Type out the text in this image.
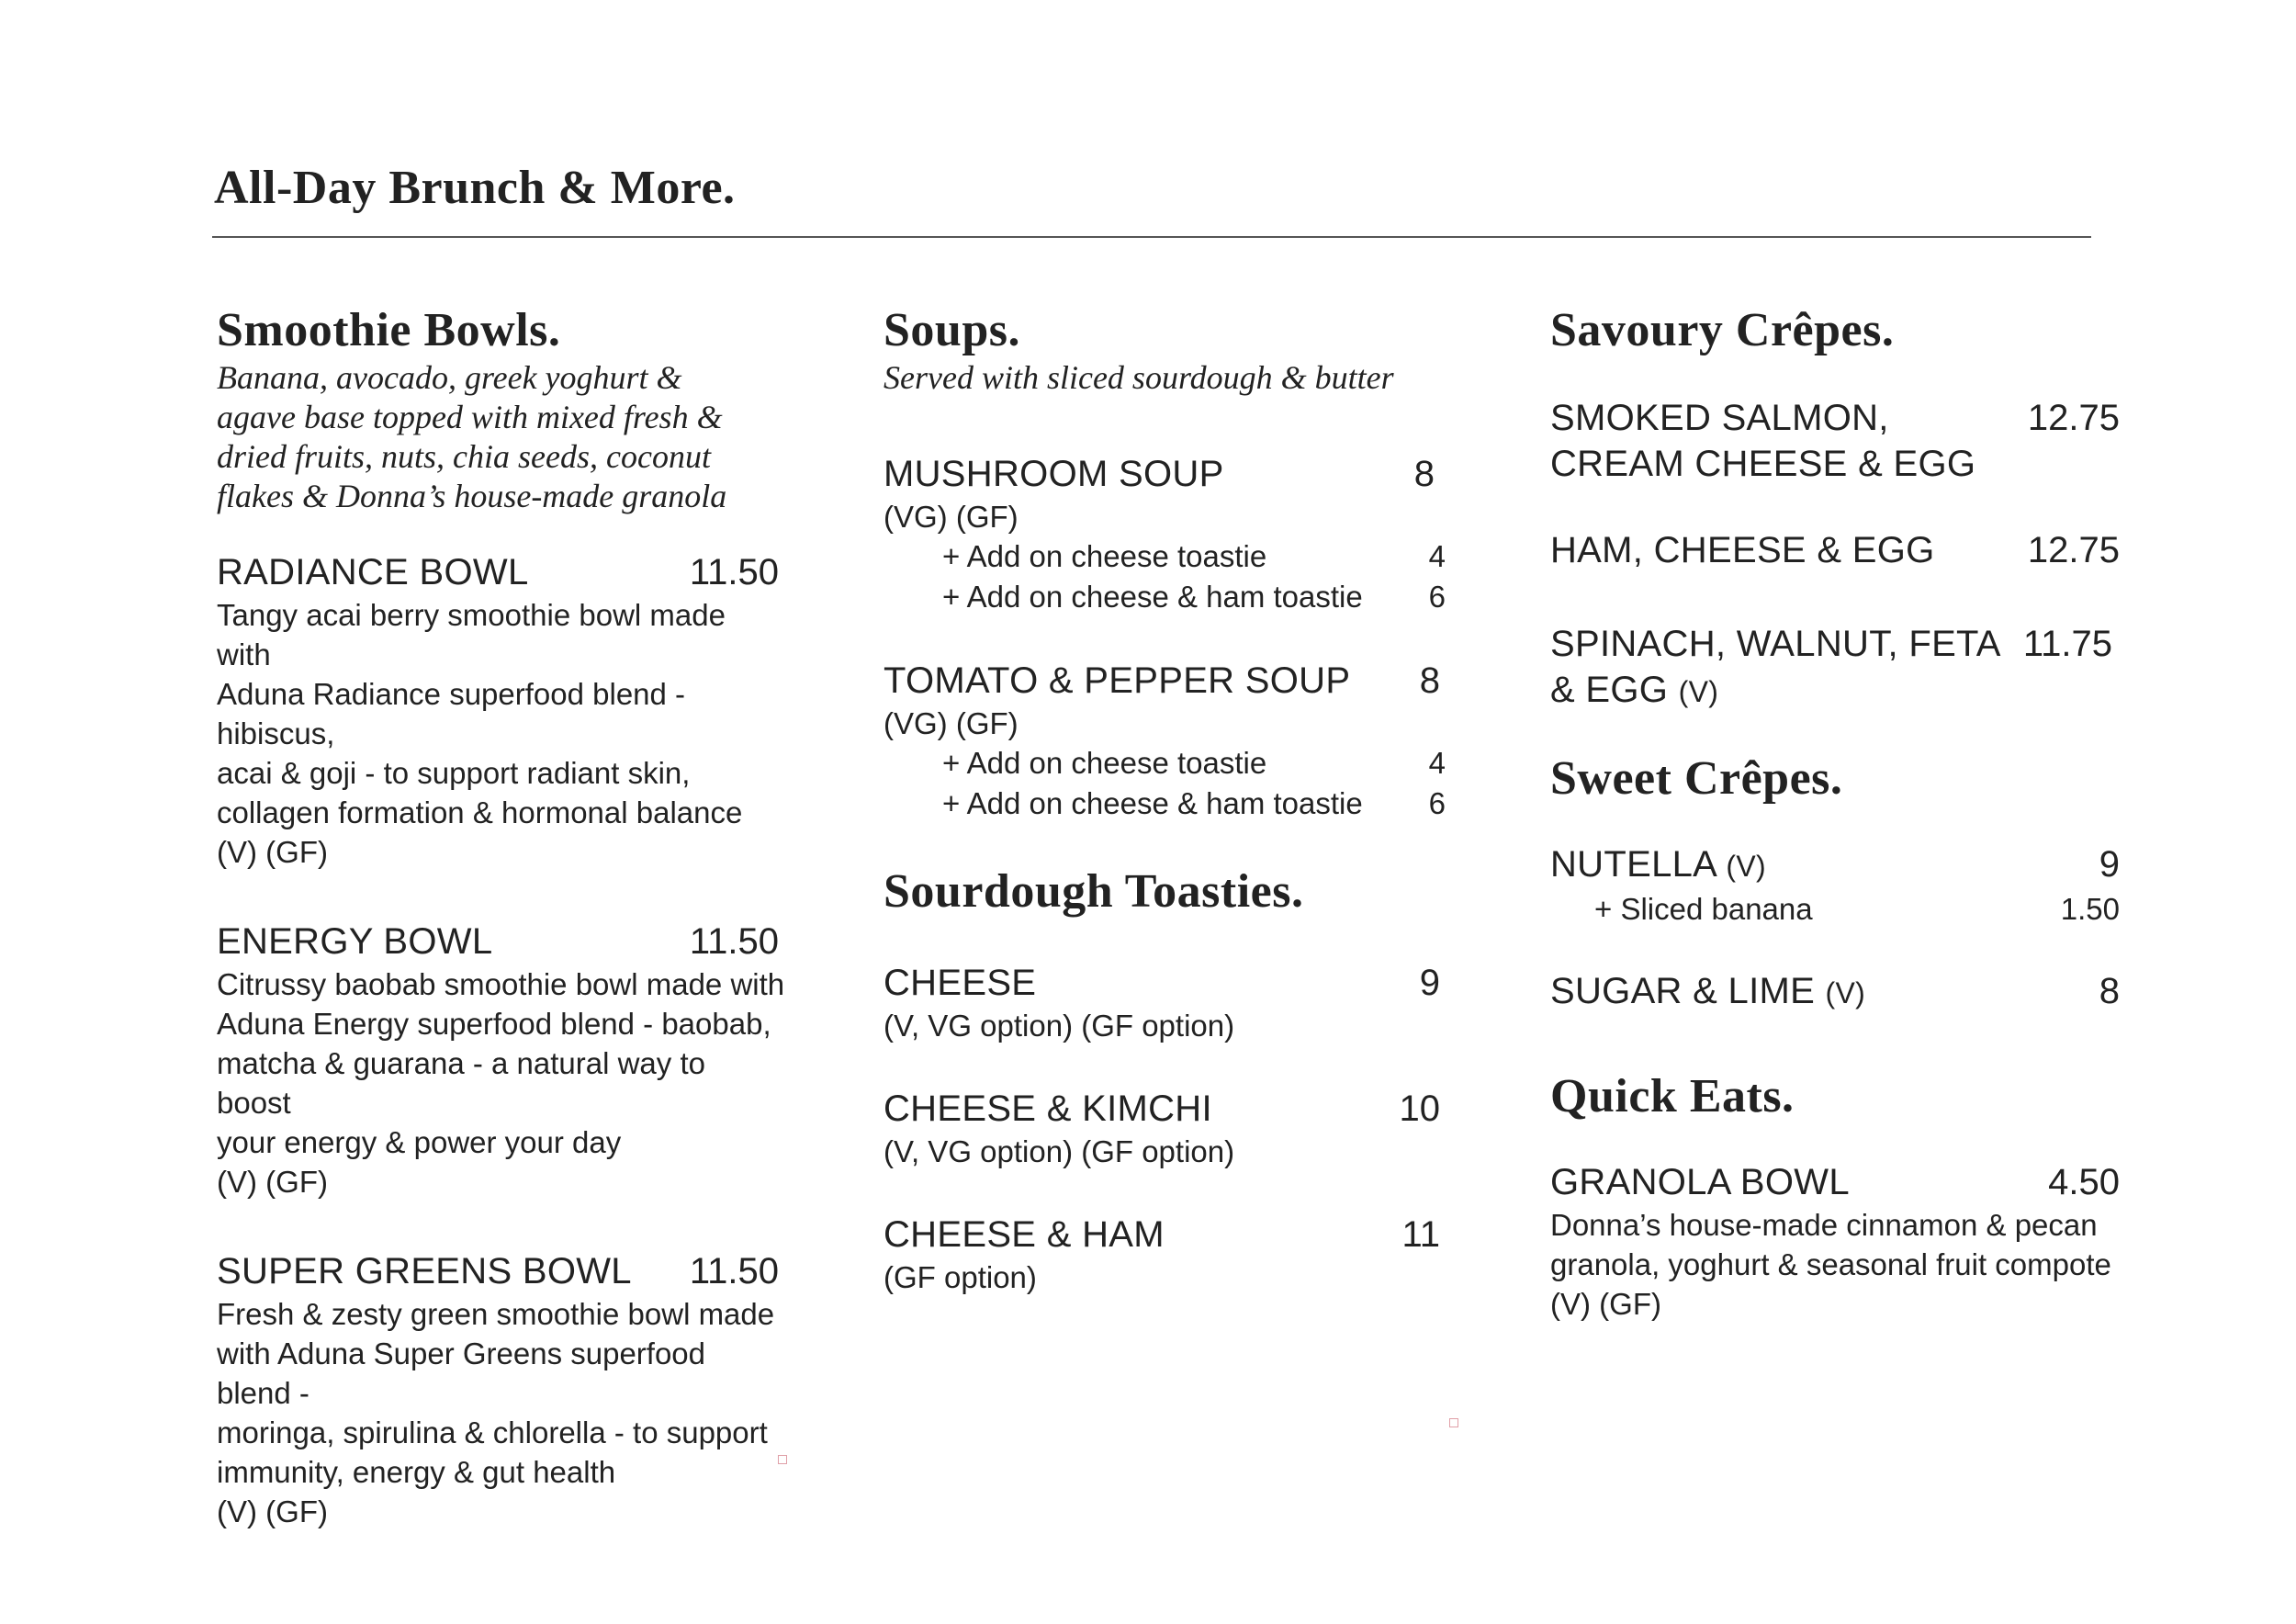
All-Day Brunch & More.
Smoothie Bowls.
Banana, avocado, greek yoghurt &
agave base topped with mixed fresh &
dried fruits, nuts, chia seeds, coconut
flakes & Donna’s house-made granola
RADIANCE BOWL	11.50
Tangy acai berry smoothie bowl made with
Aduna Radiance superfood blend - hibiscus,
acai & goji - to support radiant skin,
collagen formation & hormonal balance
(V) (GF)
ENERGY BOWL	11.50
Citrussy baobab smoothie bowl made with
Aduna Energy superfood blend - baobab,
matcha & guarana - a natural way to boost
your energy & power your day
(V) (GF)
SUPER GREENS BOWL 11.50
Fresh & zesty green smoothie bowl made
with Aduna Super Greens superfood blend -
moringa, spirulina & chlorella - to support
immunity, energy & gut health
(V) (GF)
Soups.
Served with sliced sourdough & butter
MUSHROOM SOUP	8
(VG) (GF)
+ Add on cheese toastie	4
+ Add on cheese & ham toastie 6
TOMATO & PEPPER SOUP 8
(VG) (GF)
+ Add on cheese toastie	4
+ Add on cheese & ham toastie 6
Sourdough Toasties.
CHEESE	9
(V, VG option) (GF option)
CHEESE & KIMCHI	10
(V, VG option) (GF option)
CHEESE & HAM	11
(GF option)
Savoury Crêpes.
SMOKED SALMON,	12.75
CREAM CHEESE & EGG
HAM, CHEESE & EGG	12.75
SPINACH, WALNUT, FETA 11.75
& EGG (V)
Sweet Crêpes.
NUTELLA (V)	9
+ Sliced banana	1.50
SUGAR & LIME (V)	8
Quick Eats.
GRANOLA BOWL	4.50
Donna’s house-made cinnamon & pecan
granola, yoghurt & seasonal fruit compote
(V) (GF)
